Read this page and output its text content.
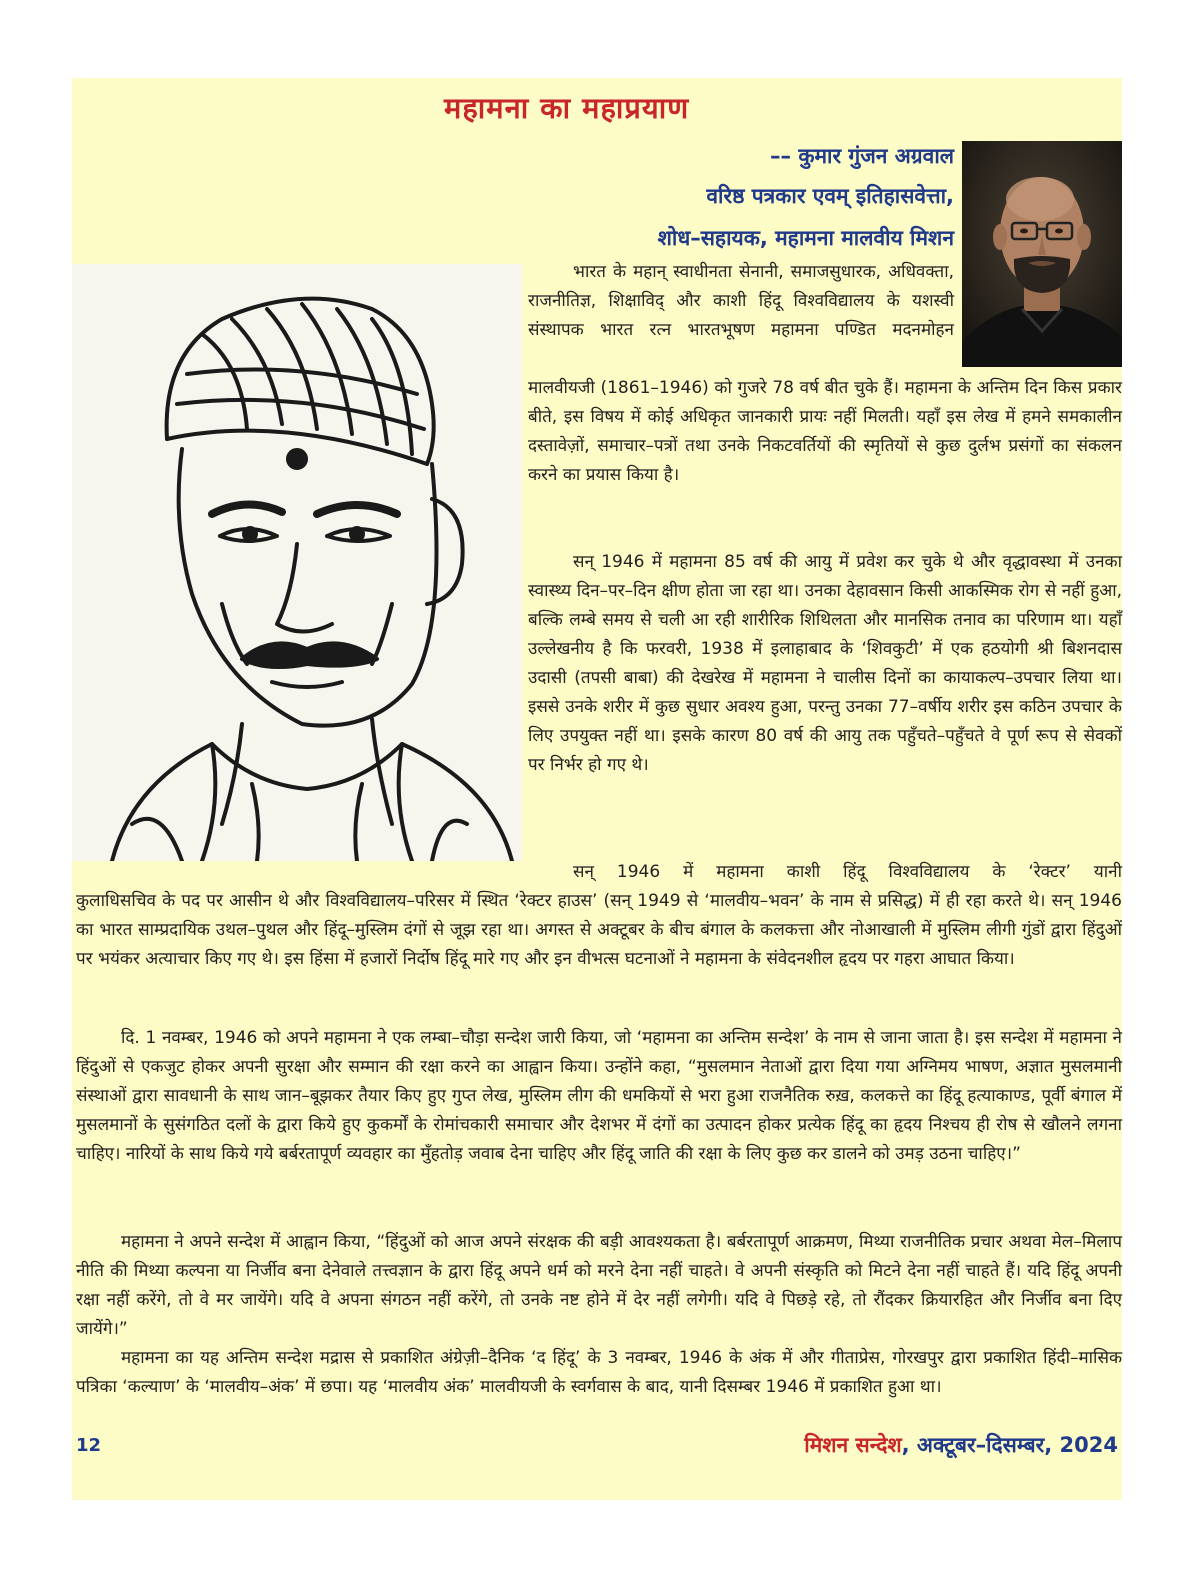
महामना का महाप्रयाण

–– कुमार गुंजन अग्रवाल

वरिष्ठ पत्रकार एवम् इतिहासवेत्ता,

शोध–सहायक, महामना मालवीय मिशन

भारत के महान् स्वाधीनता सेनानी, समाजसुधारक, अधिवक्ता, राजनीतिज्ञ, शिक्षाविद् और काशी हिंदू विश्वविद्यालय के यशस्वी संस्थापक भारत रत्न भारतभूषण महामना पण्डित मदनमोहन

मालवीयजी (1861–1946) को गुजरे 78 वर्ष बीत चुके हैं। महामना के अन्तिम दिन किस प्रकार बीते, इस विषय में कोई अधिकृत जानकारी प्रायः नहीं मिलती। यहाँ इस लेख में हमने समकालीन दस्तावेज़ों, समाचार–पत्रों तथा उनके निकटवर्तियों की स्मृतियों से कुछ दुर्लभ प्रसंगों का संकलन करने का प्रयास किया है।

सन् 1946 में महामना 85 वर्ष की आयु में प्रवेश कर चुके थे और वृद्धावस्था में उनका स्वास्थ्य दिन–पर–दिन क्षीण होता जा रहा था। उनका देहावसान किसी आकस्मिक रोग से नहीं हुआ, बल्कि लम्बे समय से चली आ रही शारीरिक शिथिलता और मानसिक तनाव का परिणाम था। यहाँ उल्लेखनीय है कि फरवरी, 1938 में इलाहाबाद के ‘शिवकुटी’ में एक हठयोगी श्री बिशनदास उदासी (तपसी बाबा) की देखरेख में महामना ने चालीस दिनों का कायाकल्प–उपचार लिया था। इससे उनके शरीर में कुछ सुधार अवश्य हुआ, परन्तु उनका 77–वर्षीय शरीर इस कठिन उपचार के लिए उपयुक्त नहीं था। इसके कारण 80 वर्ष की आयु तक पहुँचते–पहुँचते वे पूर्ण रूप से सेवकों पर निर्भर हो गए थे।

सन् 1946 में महामना काशी हिंदू विश्वविद्यालय के ‘रेक्टर’ यानी

कुलाधिसचिव के पद पर आसीन थे और विश्वविद्यालय–परिसर में स्थित ‘रेक्टर हाउस’ (सन् 1949 से ‘मालवीय–भवन’ के नाम से प्रसिद्ध) में ही रहा करते थे। सन् 1946 का भारत साम्प्रदायिक उथल–पुथल और हिंदू–मुस्लिम दंगों से जूझ रहा था। अगस्त से अक्टूबर के बीच बंगाल के कलकत्ता और नोआखाली में मुस्लिम लीगी गुंडों द्वारा हिंदुओं पर भयंकर अत्याचार किए गए थे। इस हिंसा में हजारों निर्दोष हिंदू मारे गए और इन वीभत्स घटनाओं ने महामना के संवेदनशील हृदय पर गहरा आघात किया।

दि. 1 नवम्बर, 1946 को अपने महामना ने एक लम्बा–चौड़ा सन्देश जारी किया, जो ‘महामना का अन्तिम सन्देश’ के नाम से जाना जाता है। इस सन्देश में महामना ने हिंदुओं से एकजुट होकर अपनी सुरक्षा और सम्मान की रक्षा करने का आह्वान किया। उन्होंने कहा, “मुसलमान नेताओं द्वारा दिया गया अग्निमय भाषण, अज्ञात मुसलमानी संस्थाओं द्वारा सावधानी के साथ जान–बूझकर तैयार किए हुए गुप्त लेख, मुस्लिम लीग की धमकियों से भरा हुआ राजनैतिक रुख़, कलकत्ते का हिंदू हत्याकाण्ड, पूर्वी बंगाल में मुसलमानों के सुसंगठित दलों के द्वारा किये हुए कुकर्मों के रोमांचकारी समाचार और देशभर में दंगों का उत्पादन होकर प्रत्येक हिंदू का हृदय निश्चय ही रोष से खौलने लगना चाहिए। नारियों के साथ किये गये बर्बरतापूर्ण व्यवहार का मुँहतोड़ जवाब देना चाहिए और हिंदू जाति की रक्षा के लिए कुछ कर डालने को उमड़ उठना चाहिए।”

महामना ने अपने सन्देश में आह्वान किया, “हिंदुओं को आज अपने संरक्षक की बड़ी आवश्यकता है। बर्बरतापूर्ण आक्रमण, मिथ्या राजनीतिक प्रचार अथवा मेल–मिलाप नीति की मिथ्या कल्पना या निर्जीव बना देनेवाले तत्त्वज्ञान के द्वारा हिंदू अपने धर्म को मरने देना नहीं चाहते। वे अपनी संस्कृति को मिटने देना नहीं चाहते हैं। यदि हिंदू अपनी रक्षा नहीं करेंगे, तो वे मर जायेंगे। यदि वे अपना संगठन नहीं करेंगे, तो उनके नष्ट होने में देर नहीं लगेगी। यदि वे पिछड़े रहे, तो रौंदकर क्रियारहित और निर्जीव बना दिए जायेंगे।”

महामना का यह अन्तिम सन्देश मद्रास से प्रकाशित अंग्रेज़ी–दैनिक ‘द हिंदू’ के 3 नवम्बर, 1946 के अंक में और गीताप्रेस, गोरखपुर द्वारा प्रकाशित हिंदी–मासिक पत्रिका ‘कल्याण’ के ‘मालवीय–अंक’ में छपा। यह ‘मालवीय अंक’ मालवीयजी के स्वर्गवास के बाद, यानी दिसम्बर 1946 में प्रकाशित हुआ था।

12	मिशन सन्देश, अक्टूबर–दिसम्बर, 2024
